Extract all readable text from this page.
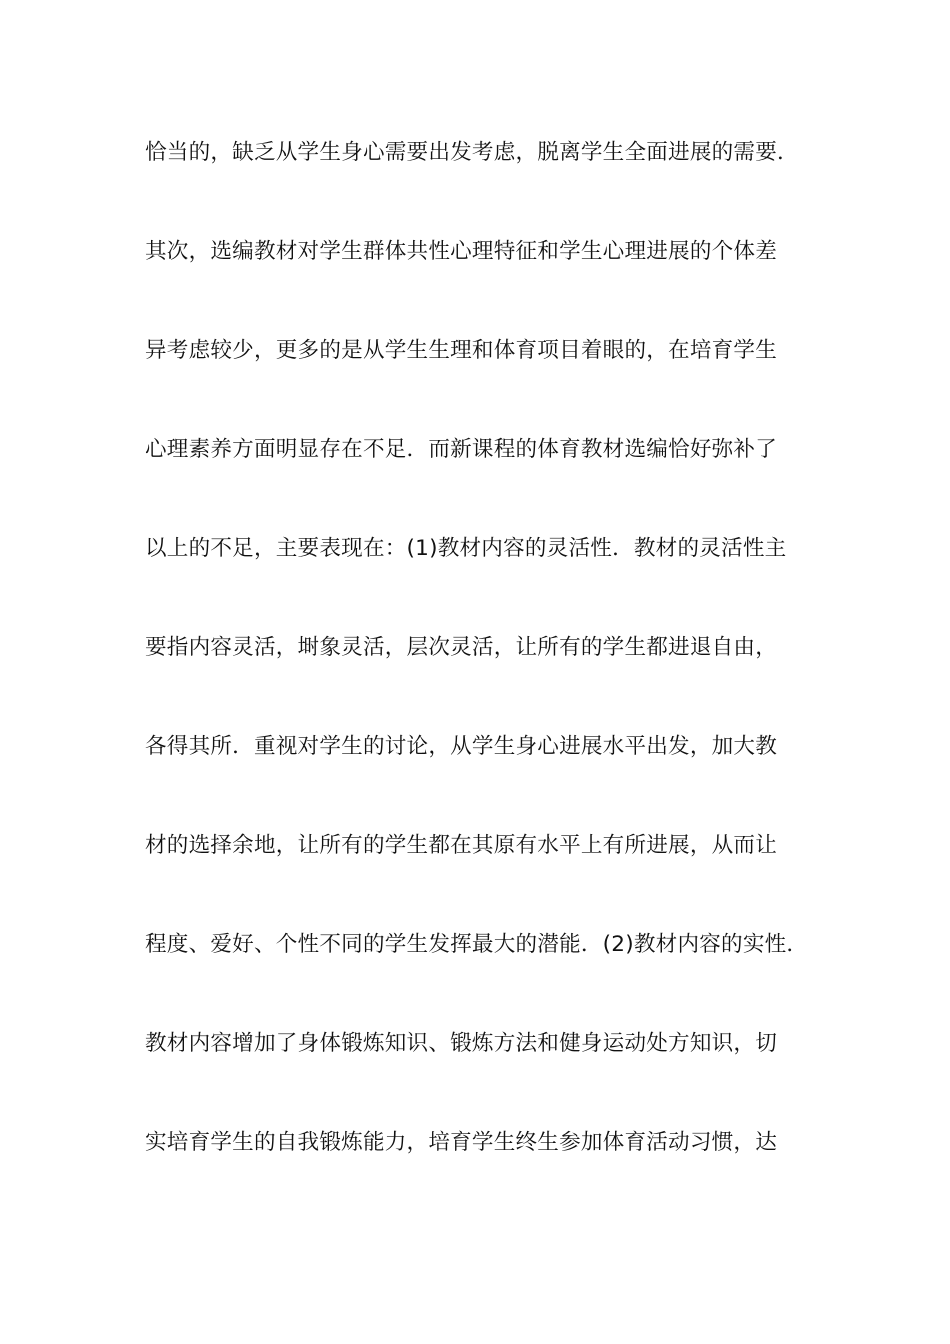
恰当的，缺乏从学生身心需要出发考虑，脱离学生全面进展的需要．
其次，选编教材对学生群体共性心理特征和学生心理进展的个体差
异考虑较少，更多的是从学生生理和体育项目着眼的，在培育学生
心理素养方面明显存在不足．而新课程的体育教材选编恰好弥补了
以上的不足，主要表现在：(1)教材内容的灵活性．教材的灵活性主
要指内容灵活，埘象灵活，层次灵活，让所有的学生都进退自由，
各得其所．重视对学生的讨论，从学生身心进展水平出发，加大教
材的选择余地，让所有的学生都在其原有水平上有所进展，从而让
程度、爱好、个性不同的学生发挥最大的潜能．(2)教材内容的实性．
教材内容增加了身体锻炼知识、锻炼方法和健身运动处方知识，切
实培育学生的自我锻炼能力，培育学生终生参加体育活动习惯，达
